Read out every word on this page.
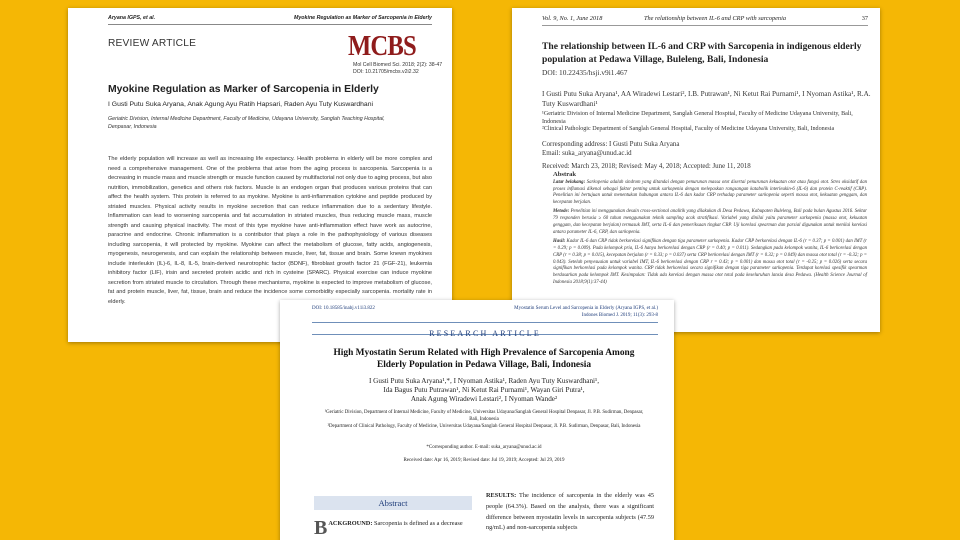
Aryana IGPS, et al.	Myokine Regulation as Marker of Sarcopenia in Elderly
REVIEW ARTICLE	MCBS
Mol Cell Biomed Sci. 2018; 2(2): 38-47
DOI: 10.21705/mcbs.v2i2.32
Myokine Regulation as Marker of Sarcopenia in Elderly
I Gusti Putu Suka Aryana, Anak Agung Ayu Ratih Hapsari, Raden Ayu Tuty Kuswardhani
Geriatric Division, Internal Medicine Department, Faculty of Medicine, Udayana University, Sanglah Teaching Hospital, Denpasar, Indonesia
The elderly population will increase as well as increasing life expectancy. Health problems in elderly will be more complex and need a comprehensive management. One of the problems that arise from the aging process is sarcopenia. Sarcopenia is a decreasing in muscle mass and muscle strength or muscle function caused by multifactorial not only due to aging process, but also nutrition, immobilization, genetics and others risk factors. Muscle is an endogen organ that produces various proteins that can affect the health system. This protein is referred to as myokine. Myokine is anti-inflammation cytokine and peptide produced by striated muscles. Physical activity results in myokine secretion that can reduce inflammation due to a sedentary lifestyle. Inflammation can lead to worsening sarcopenia and fat accumulation in striated muscles, thus reducing muscle mass, muscle strength and causing physical inactivity. The most of this type myokine have anti-inflammation effect have work as autocrine, paracrine and endocrine. Chronic inflammation is a contributor that plays a role in the pathophysiology of various diseases including sarcopenia, it will protected by myokine. Myokine can affect the metabolism of glucose, fatty acids, angiogenesis, myogenesis, neurogenesis, and can explain the relationship between muscle, liver, fat, tissue and brain. Some knewn myokines include interleukin (IL)-6, IL-8, IL-5, brain-derived neurotrophic factor (BDNF), fibroblast growth factor 21 (FGF-21), leukemia inhibitory factor (LIF), irisin and secreted protein acidic and rich in cysteine (SPARC). Physical exercise can induce myokine secretion from striated muscle to circulation. Through these mechanisms, myokine is expected to improve metabolism of glucose, fat and protein muscle, liver, fat, tissue, brain and reduce the incidence some comorbidity especially sarcopenia. mortality rate in elderly.
Vol. 9, No. 1, June 2018	The relationship between IL-6 and CRP with sarcopenia	37
The relationship between IL-6 and CRP with Sarcopenia in indigenous elderly population at Pedawa Village, Buleleng, Bali, Indonesia
DOI: 10.22435/hsji.v9i1.467
I Gusti Putu Suka Aryana¹, AA Wiradewi Lestari², I.B. Putrawan¹, Ni Ketut Rai Purnami¹, I Nyoman Astika¹, R.A. Tuty Kuswardhani¹
¹Geriatric Division of Internal Medicine Department, Sanglah General Hospital, Faculty of Medicine Udayana University, Bali, Indonesia
²Clinical Pathologic Department of Sanglah General Hospital, Faculty of Medicine Udayana University, Bali, Indonesia
Corresponding address: I Gusti Putu Suka Aryana
Email: suka_aryana@unud.ac.id
Received: March 23, 2018; Revised: May 4, 2018; Accepted: June 11, 2018
Abstrak

Latar belakang: Sarkopenia adalah sindrom yang ditandai dengan penurunan massa otot disertai penurunan kekuatan otot atau fungsi otot. Stres oksidatif dan proses inflamasi dikenal sebagai faktor penting untuk sarkopenia dengan melepaskan rangsangan katabolik interleukin-6 (IL-6) dan protein C-reaktif (CRP). Penelitian ini bertujuan untuk menentukan hubungan antara IL-6 dan kadar CRP terhadap parameter sarkopenia seperti massa otot, kekuatan genggam, dan kecepatan berjalan.

Metode: Penelitian ini menggunakan desain cross-sectional analitik yang dilakukan di Desa Pedawa, Kabupaten Buleleng, Bali pada bulan Agustus 2016. Sektar 79 responden berusia ≥ 60 tahun menggunakan teknik sampling acak stratifikasi. Variabel yang dinilai yaitu parameter sarkopenia (massa otot, kekuatan genggam, dan kecepatan berjalan) termasuk IMT, serta IL-6 dan pemeriksaan tingkat CRP. Uji korelasi spearman dan parsial digunakan untuk menilai korelasi antara parameter IL-6, CRP, dan sarkopenia.

Hasil: Kadar IL-6 dan CRP tidak berkorelasi signifikan dengan tiga parameter sarkopenia. Kadar CRP berkorelasi dengan IL-6 (r = 0.37; p = 0.001) dan IMT (r = 0.29; p = 0.009). Pada kelompok pria, IL-6 hanya berkorelasi dengan CRP (r = 0.40; p = 0.011). Sedangkan pada kelompok wanita, IL-6 berkorelasi dengan CRP (r = 0.38; p = 0.015), kecepatan berjalan (r = 0.33; p = 0.037) serta CRP berkorelasi dengan IMT (r = 0.32; p = 0.049) dan massa otot total (r = -0.32; p = 0.043). Setelah penyesuaian untuk variabel IMT, IL-6 berkorelasi dengan CRP r = 0.43; p = 0.001) dan massa otot total (r = -0.25; p = 0.026) serta secara signifikan berkorelasi pada kelompok wanita. CRP tidak berkorelasi secara signifikan dengan tiga parameter sarkopenia. Terdapat korelasi spesifik spearman berdasarkan pada kelompok IMT. Kesimpulan: Tidak ada korelasi dengan massa otot total pada keseluruhan lansia desa Pedawa. (Health Science Journal of Indonesia 2018;9(1):37-44)

DOI: 10.18585/inabj.v11i3.822	Myostatin Serum Level and Sarcopenia in Elderly (Aryana IGPS, et al.)
Indones Biomed J. 2019; 11(3): 293-8
RESEARCH ARTICLE
High Myostatin Serum Related with High Prevalence of Sarcopenia Among Elderly Population in Pedawa Village, Bali, Indonesia
I Gusti Putu Suka Aryana¹,*, I Nyoman Astika¹, Raden Ayu Tuty Kuswardhani¹,
Ida Bagus Putu Putrawan¹, Ni Ketut Rai Purnami¹, Wayan Giri Putra¹,
Anak Agung Wiradewi Lestari², I Nyoman Wande²
¹Geriatric Division, Department of Internal Medicine, Faculty of Medicine, Universitas Udayana/Sanglah General Hospital Denpasar, Jl. P.B. Sudirman, Denpasar, Bali, Indonesia
²Department of Clinical Pathology, Faculty of Medicine, Universitas Udayana/Sanglah General Hospital Denpasar, Jl. P.B. Sudirman, Denpasar, Bali, Indonesia
*Corresponding author. E-mail: suka_aryana@unud.ac.id
Received date: Apr 16, 2019; Revised date: Jul 19, 2019; Accepted: Jul 29, 2019
Abstract
BACKGROUND: Sarcopenia is defined as a decrease
RESULTS: The incidence of sarcopenia in the elderly was 45 people (64.3%). Based on the analysis, there was a significant difference between myostatin levels in sarcopenia subjects (47.59 ng/mL) and non-sarcopenia subjects
